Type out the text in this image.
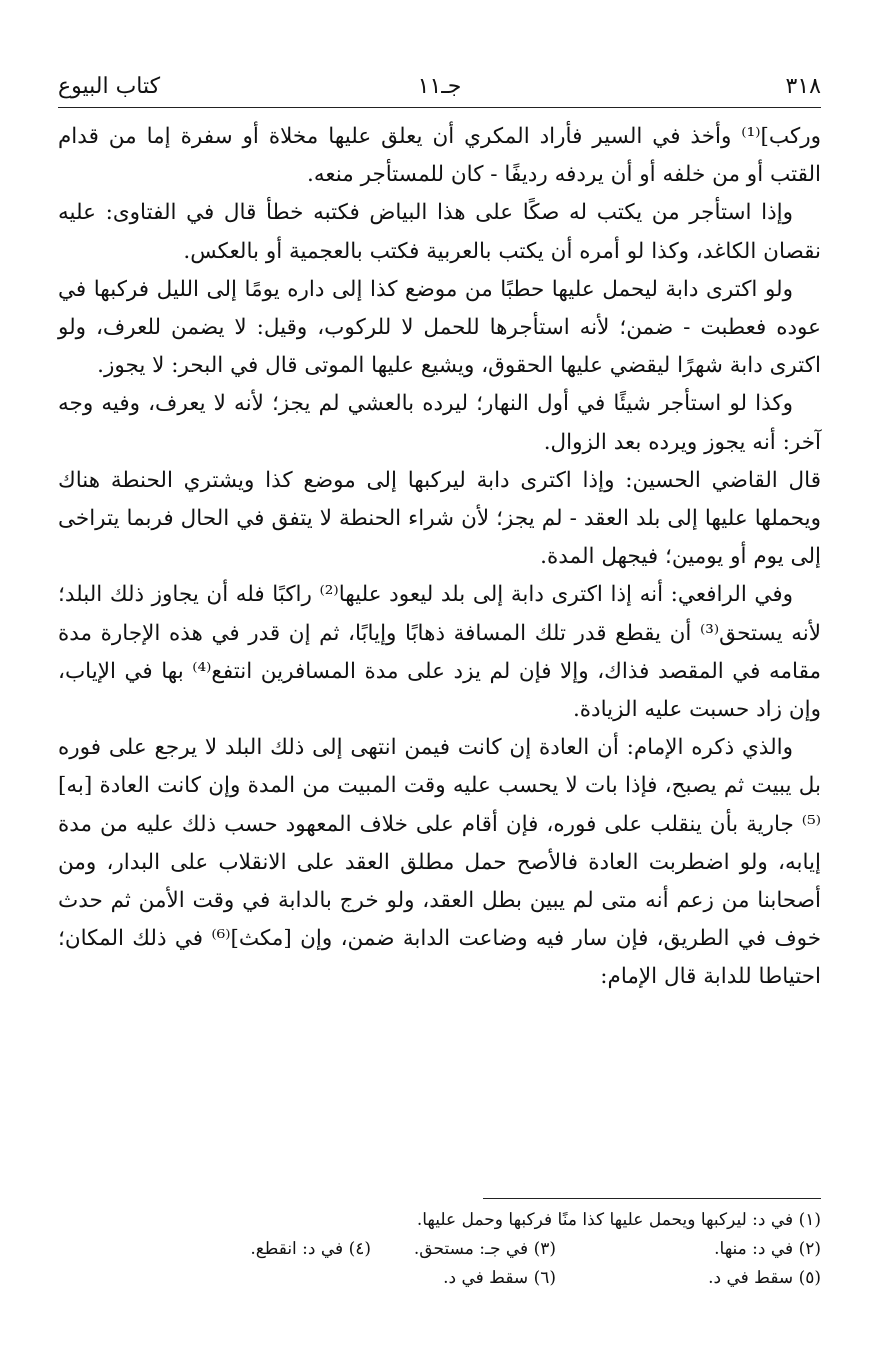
٣١٨
جـ١١
كتاب البيوع

وركب]⁽¹⁾ وأخذ في السير فأراد المكري أن يعلق عليها مخلاة أو سفرة إما من قدام القتب أو من خلفه أو أن يردفه رديفًا - كان للمستأجر منعه.

وإذا استأجر من يكتب له صكًا على هذا البياض فكتبه خطأ قال في الفتاوى: عليه نقصان الكاغد، وكذا لو أمره أن يكتب بالعربية فكتب بالعجمية أو بالعكس.

ولو اكترى دابة ليحمل عليها حطبًا من موضع كذا إلى داره يومًا إلى الليل فركبها في عوده فعطبت - ضمن؛ لأنه استأجرها للحمل لا للركوب، وقيل: لا يضمن للعرف، ولو اكترى دابة شهرًا ليقضي عليها الحقوق، ويشيع عليها الموتى قال في البحر: لا يجوز.

وكذا لو استأجر شيئًا في أول النهار؛ ليرده بالعشي لم يجز؛ لأنه لا يعرف، وفيه وجه آخر: أنه يجوز ويرده بعد الزوال.

قال القاضي الحسين: وإذا اكترى دابة ليركبها إلى موضع كذا ويشتري الحنطة هناك ويحملها عليها إلى بلد العقد - لم يجز؛ لأن شراء الحنطة لا يتفق في الحال فربما يتراخى إلى يوم أو يومين؛ فيجهل المدة.

وفي الرافعي: أنه إذا اكترى دابة إلى بلد ليعود عليها⁽²⁾ راكبًا فله أن يجاوز ذلك البلد؛ لأنه يستحق⁽³⁾ أن يقطع قدر تلك المسافة ذهابًا وإيابًا، ثم إن قدر في هذه الإجارة مدة مقامه في المقصد فذاك، وإلا فإن لم يزد على مدة المسافرين انتفع⁽⁴⁾ بها في الإياب، وإن زاد حسبت عليه الزيادة.

والذي ذكره الإمام: أن العادة إن كانت فيمن انتهى إلى ذلك البلد لا يرجع على فوره بل يبيت ثم يصبح، فإذا بات لا يحسب عليه وقت المبيت من المدة وإن كانت العادة [به]⁽⁵⁾ جارية بأن ينقلب على فوره، فإن أقام على خلاف المعهود حسب ذلك عليه من مدة إيابه، ولو اضطربت العادة فالأصح حمل مطلق العقد على الانقلاب على البدار، ومن أصحابنا من زعم أنه متى لم يبين بطل العقد، ولو خرج بالدابة في وقت الأمن ثم حدث خوف في الطريق، فإن سار فيه وضاعت الدابة ضمن، وإن [مكث]⁽⁶⁾ في ذلك المكان؛ احتياطا للدابة قال الإمام:

(١) في د: ليركبها ويحمل عليها كذا منًا فركبها وحمل عليها.
(٢) في د: منها.
(٣) في جـ: مستحق.
(٤) في د: انقطع.
(٥) سقط في د.
(٦) سقط في د.
